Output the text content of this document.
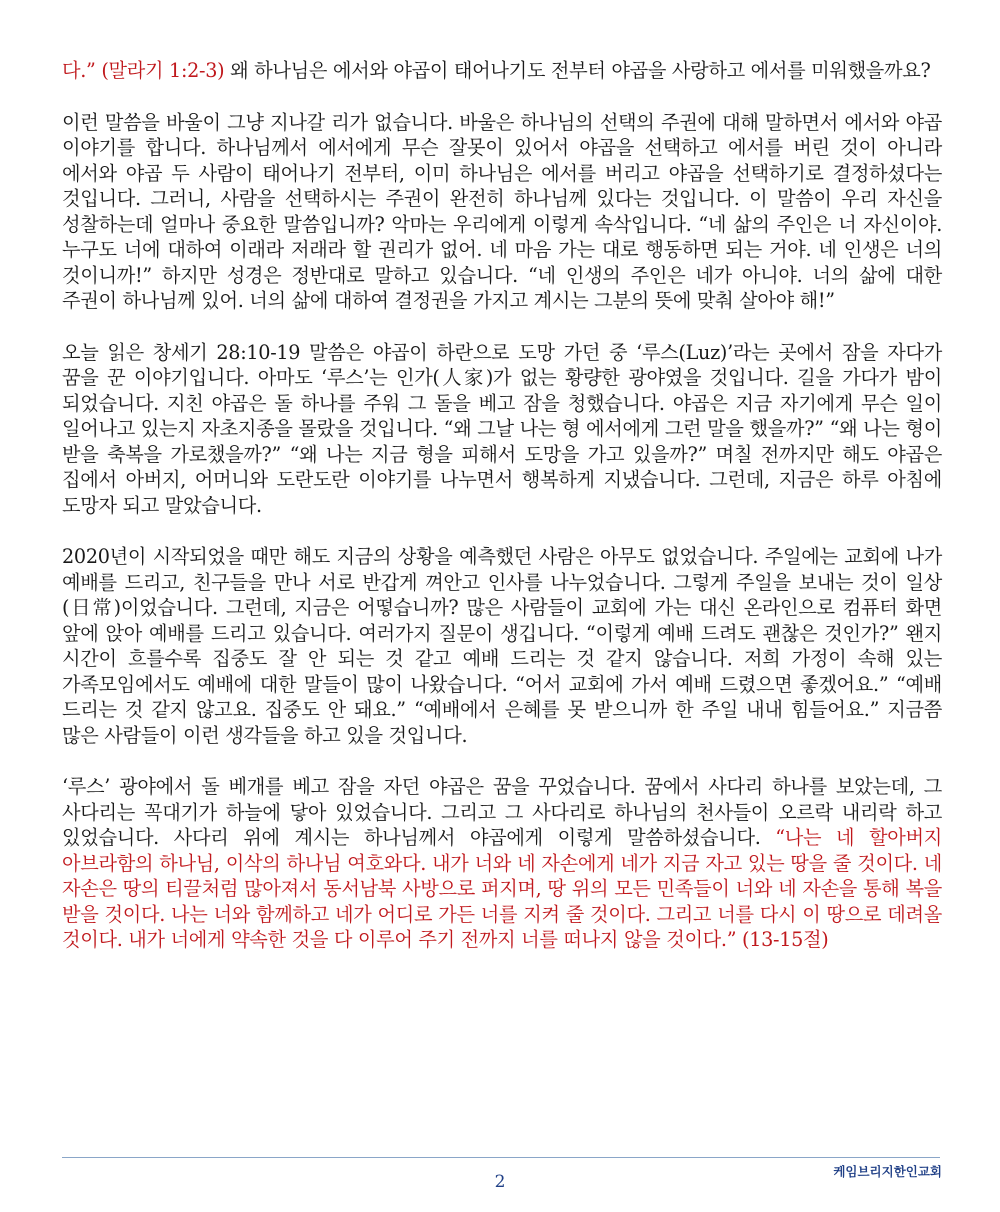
다.” (말라기 1:2-3) 왜 하나님은 에서와 야곱이 태어나기도 전부터 야곱을 사랑하고 에서를 미워했을까요?

이런 말씀을 바울이 그냥 지나갈 리가 없습니다. 바울은 하나님의 선택의 주권에 대해 말하면서 에서와 야곱 이야기를 합니다. 하나님께서 에서에게 무슨 잘못이 있어서 야곱을 선택하고 에서를 버린 것이 아니라 에서와 야곱 두 사람이 태어나기 전부터, 이미 하나님은 에서를 버리고 야곱을 선택하기로 결정하셨다는 것입니다. 그러니, 사람을 선택하시는 주권이 완전히 하나님께 있다는 것입니다. 이 말씀이 우리 자신을 성찰하는데 얼마나 중요한 말씀입니까? 악마는 우리에게 이렇게 속삭입니다. “네 삶의 주인은 너 자신이야. 누구도 너에 대하여 이래라 저래라 할 권리가 없어. 네 마음 가는 대로 행동하면 되는 거야. 네 인생은 너의 것이니까!” 하지만 성경은 정반대로 말하고 있습니다. “네 인생의 주인은 네가 아니야. 너의 삶에 대한 주권이 하나님께 있어. 너의 삶에 대하여 결정권을 가지고 계시는 그분의 뜻에 맞춰 살아야 해!”

오늘 읽은 창세기 28:10-19 말씀은 야곱이 하란으로 도망 가던 중 ‘루스(Luz)’라는 곳에서 잠을 자다가 꿈을 꾼 이야기입니다. 아마도 ‘루스’는 인가(人家)가 없는 황량한 광야였을 것입니다. 길을 가다가 밤이 되었습니다. 지친 야곱은 돌 하나를 주워 그 돌을 베고 잠을 청했습니다. 야곱은 지금 자기에게 무슨 일이 일어나고 있는지 자초지종을 몰랐을 것입니다. “왜 그날 나는 형 에서에게 그런 말을 했을까?” “왜 나는 형이 받을 축복을 가로챘을까?” “왜 나는 지금 형을 피해서 도망을 가고 있을까?” 며칠 전까지만 해도 야곱은 집에서 아버지, 어머니와 도란도란 이야기를 나누면서 행복하게 지냈습니다. 그런데, 지금은 하루 아침에 도망자 되고 말았습니다.

2020년이 시작되었을 때만 해도 지금의 상황을 예측했던 사람은 아무도 없었습니다. 주일에는 교회에 나가 예배를 드리고, 친구들을 만나 서로 반갑게 껴안고 인사를 나누었습니다. 그렇게 주일을 보내는 것이 일상(日常)이었습니다. 그런데, 지금은 어떻습니까? 많은 사람들이 교회에 가는 대신 온라인으로 컴퓨터 화면 앞에 앉아 예배를 드리고 있습니다. 여러가지 질문이 생깁니다. “이렇게 예배 드려도 괜찮은 것인가?” 왠지 시간이 흐를수록 집중도 잘 안 되는 것 같고 예배 드리는 것 같지 않습니다. 저희 가정이 속해 있는 가족모임에서도 예배에 대한 말들이 많이 나왔습니다. “어서 교회에 가서 예배 드렸으면 좋겠어요.” “예배 드리는 것 같지 않고요. 집중도 안 돼요.” “예배에서 은혜를 못 받으니까 한 주일 내내 힘들어요.” 지금쯤 많은 사람들이 이런 생각들을 하고 있을 것입니다.

‘루스’ 광야에서 돌 베개를 베고 잠을 자던 야곱은 꿈을 꾸었습니다. 꿈에서 사다리 하나를 보았는데, 그 사다리는 꼭대기가 하늘에 닿아 있었습니다. 그리고 그 사다리로 하나님의 천사들이 오르락 내리락 하고 있었습니다. 사다리 위에 계시는 하나님께서 야곱에게 이렇게 말씀하셨습니다. “나는 네 할아버지 아브라함의 하나님, 이삭의 하나님 여호와다. 내가 너와 네 자손에게 네가 지금 자고 있는 땅을 줄 것이다. 네 자손은 땅의 티끌처럼 많아져서 동서남북 사방으로 퍼지며, 땅 위의 모든 민족들이 너와 네 자손을 통해 복을 받을 것이다. 나는 너와 함께하고 네가 어디로 가든 너를 지켜 줄 것이다. 그리고 너를 다시 이 땅으로 데려올 것이다. 내가 너에게 약속한 것을 다 이루어 주기 전까지 너를 떠나지 않을 것이다.” (13-15절)

케임브리지한인교회
2
